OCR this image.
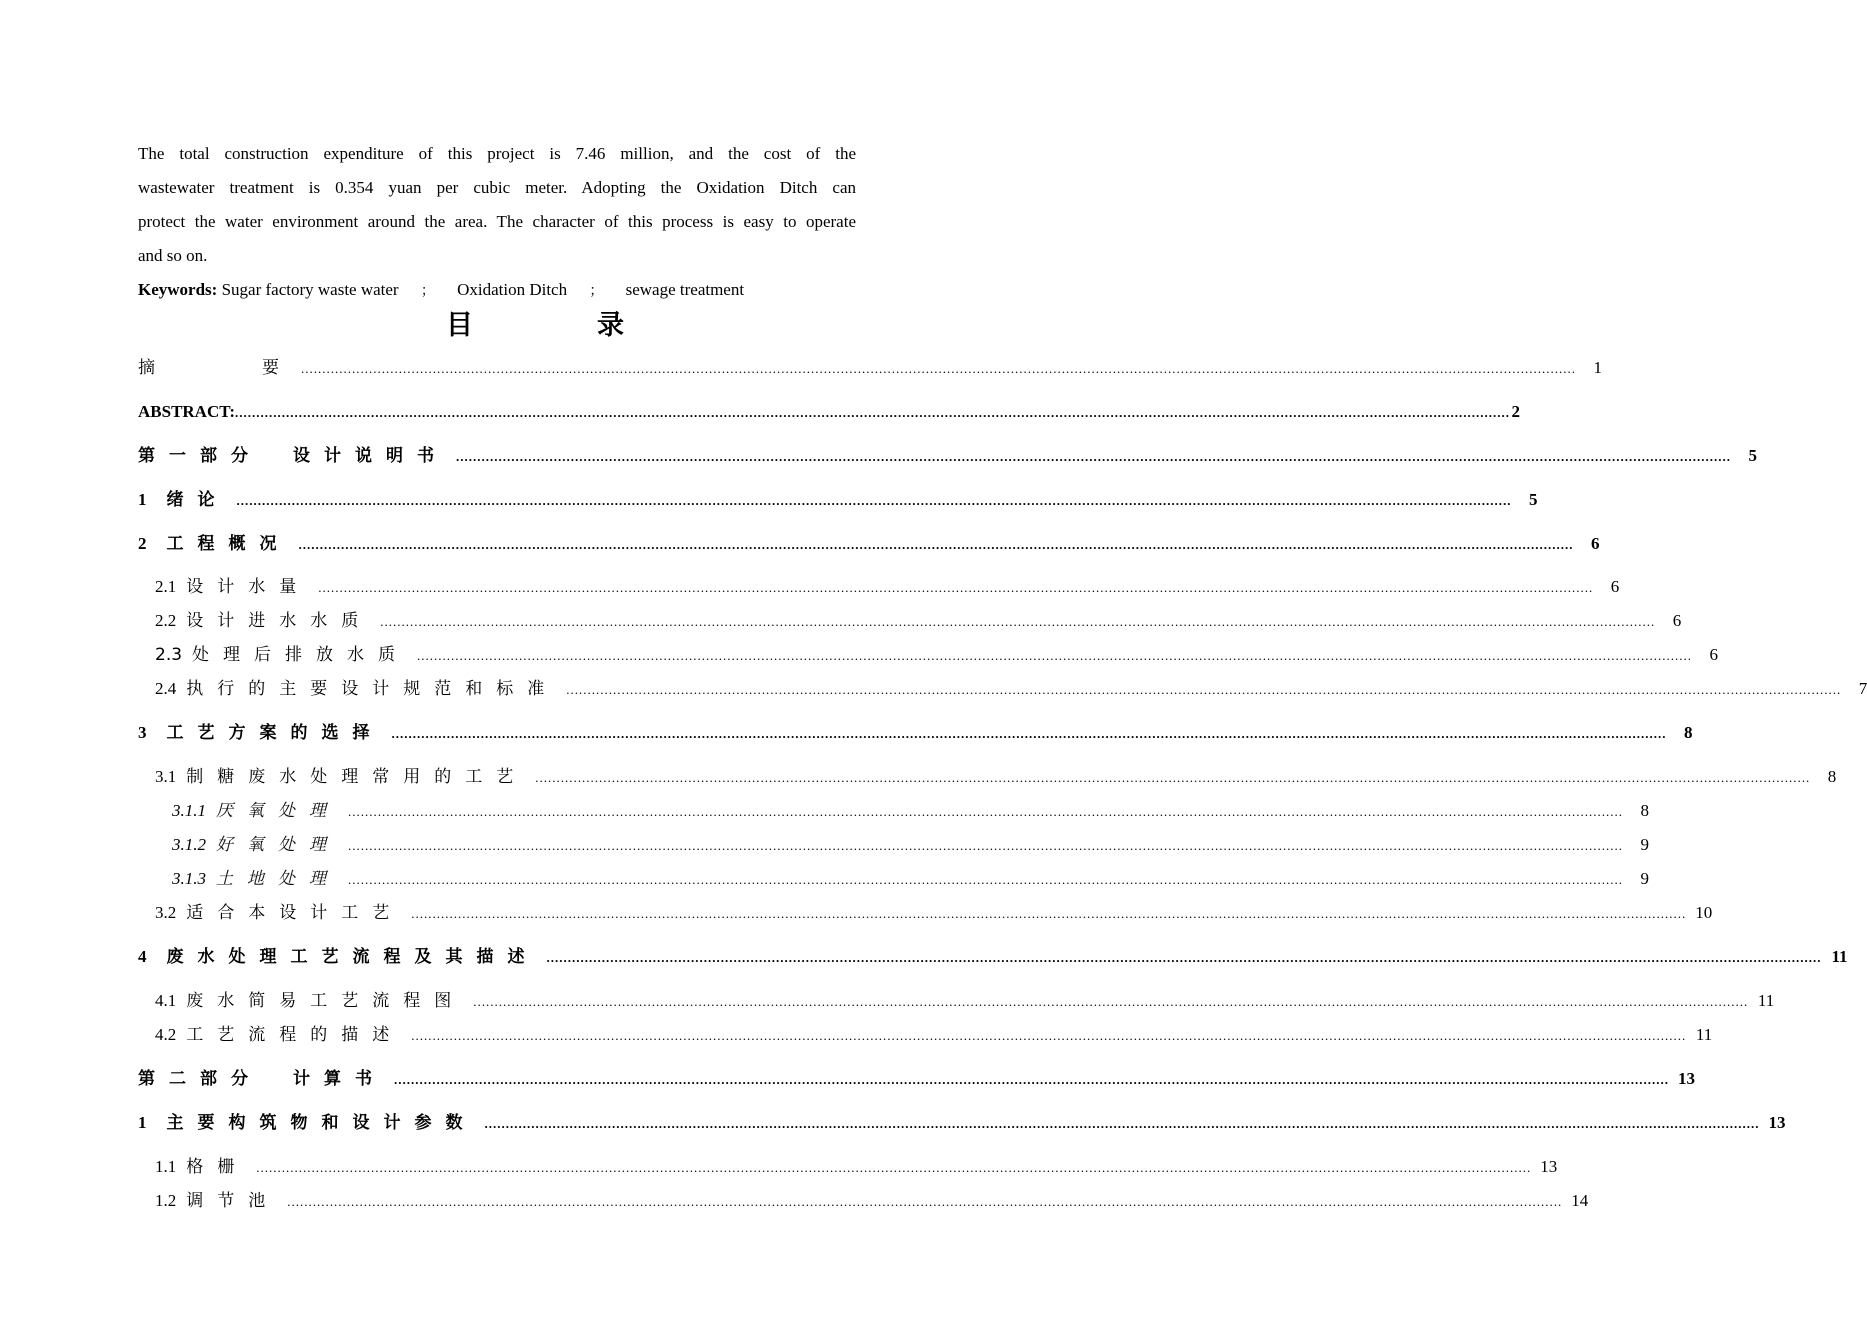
The total construction expenditure of this project is 7.46 million, and the cost of the
wastewater treatment is 0.354 yuan per cubic meter. Adopting the Oxidation Ditch can
protect the water environment around the area. The character of this process is easy to operate
and so on.
Keywords: Sugar factory waste water ； Oxidation Ditch ； sewage treatment
目	录
摘　　　要 ............................................................................................................................................................................................................................................................................................................	1
ABSTRACT: ............................................................................................................................................................................................................................................................................................................ 2
第一部分　设计说明书 ............................................................................................................................................................................................................................................................................................................	5
1 绪论 ............................................................................................................................................................................................................................................................................................................	5
2 工程概况 ............................................................................................................................................................................................................................................................................................................	6
2.1 设计水量 ............................................................................................................................................................................................................................................................................................................	6
2.2 设计进水水质 ............................................................................................................................................................................................................................................................................................................	6
2.3 处理后排放水质 ............................................................................................................................................................................................................................................................................................................	6
2.4 执行的主要设计规范和标准 ............................................................................................................................................................................................................................................................................................................	7
3 工艺方案的选择 ............................................................................................................................................................................................................................................................................................................	8
3.1 制糖废水处理常用的工艺 ............................................................................................................................................................................................................................................................................................................	8
3.1.1 厌氧处理 ............................................................................................................................................................................................................................................................................................................	8
3.1.2 好氧处理 ............................................................................................................................................................................................................................................................................................................	9
3.1.3 土地处理 ............................................................................................................................................................................................................................................................................................................	9
3.2 适合本设计工艺 ............................................................................................................................................................................................................................................................................................................ 10
4 废水处理工艺流程及其描述 ............................................................................................................................................................................................................................................................................................................ 11
4.1 废水简易工艺流程图 ............................................................................................................................................................................................................................................................................................................ 11
4.2 工艺流程的描述 ............................................................................................................................................................................................................................................................................................................ 11
第二部分　计算书 ............................................................................................................................................................................................................................................................................................................ 13
1 主要构筑物和设计参数 ............................................................................................................................................................................................................................................................................................................ 13
1.1 格栅 ............................................................................................................................................................................................................................................................................................................ 13
1.2 调节池 ............................................................................................................................................................................................................................................................................................................ 14
